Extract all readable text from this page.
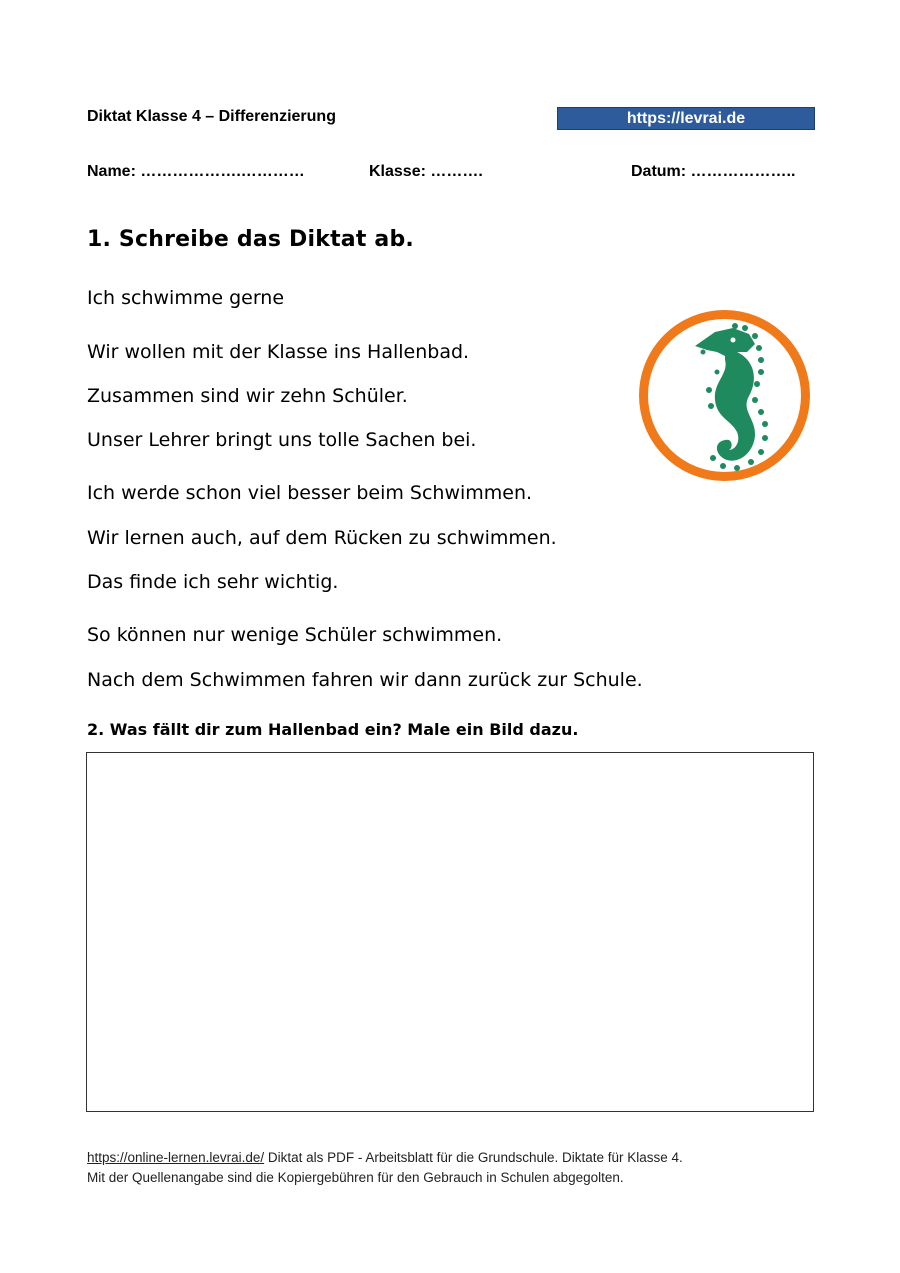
Diktat Klasse 4 – Differenzierung	https://levrai.de
Name: ……………….…………	Klasse: ……….	Datum: ………………..
1. Schreibe das Diktat ab.
Ich schwimme gerne
Wir wollen mit der Klasse ins Hallenbad.
Zusammen sind wir zehn Schüler.
Unser Lehrer bringt uns tolle Sachen bei.
Ich werde schon viel besser beim Schwimmen.
Wir lernen auch, auf dem Rücken zu schwimmen.
Das finde ich sehr wichtig.
So können nur wenige Schüler schwimmen.
Nach dem Schwimmen fahren wir dann zurück zur Schule.
2. Was fällt dir zum Hallenbad ein? Male ein Bild dazu.
https://online-lernen.levrai.de/ Diktat als PDF - Arbeitsblatt für die Grundschule. Diktate für Klasse 4.
Mit der Quellenangabe sind die Kopiergebühren für den Gebrauch in Schulen abgegolten.
